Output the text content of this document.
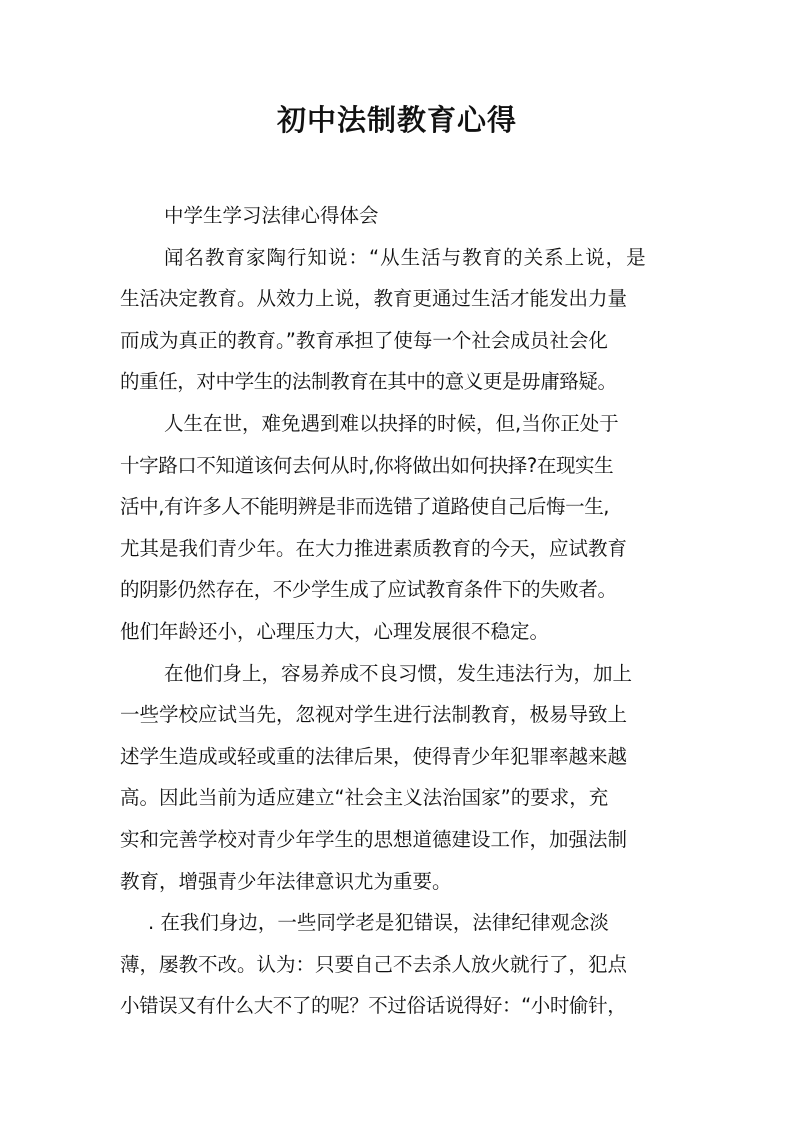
初中法制教育心得
中学生学习法律心得体会
闻名教育家陶行知说：“从生活与教育的关系上说，是
生活决定教育。从效力上说，教育更通过生活才能发出力量
而成为真正的教育。”教育承担了使每一个社会成员社会化
的重任，对中学生的法制教育在其中的意义更是毋庸臵疑。
人生在世，难免遇到难以抉择的时候，但,当你正处于
十字路口不知道该何去何从时,你将做出如何抉择?在现实生
活中,有许多人不能明辨是非而选错了道路使自己后悔一生,
尤其是我们青少年。在大力推进素质教育的今天，应试教育
的阴影仍然存在，不少学生成了应试教育条件下的失败者。
他们年龄还小，心理压力大，心理发展很不稳定。
在他们身上，容易养成不良习惯，发生违法行为，加上
一些学校应试当先，忽视对学生进行法制教育，极易导致上
述学生造成或轻或重的法律后果，使得青少年犯罪率越来越
高。因此当前为适应建立“社会主义法治国家”的要求，充
实和完善学校对青少年学生的思想道德建设工作，加强法制
教育，增强青少年法律意识尤为重要。
. 在我们身边，一些同学老是犯错误，法律纪律观念淡
薄，屡教不改。认为：只要自己不去杀人放火就行了，犯点
小错误又有什么大不了的呢？不过俗话说得好：“小时偷针，
